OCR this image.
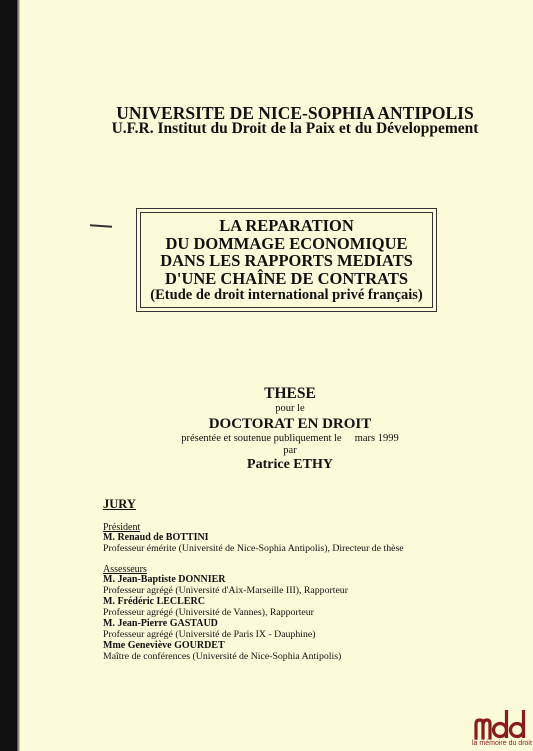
UNIVERSITE DE NICE-SOPHIA ANTIPOLIS
U.F.R. Institut du Droit de la Paix et du Développement
LA REPARATION
DU DOMMAGE ECONOMIQUE
DANS LES RAPPORTS MEDIATS
D'UNE CHAÎNE DE CONTRATS
(Etude de droit international privé français)
THESE
pour le
DOCTORAT EN DROIT
présentée et soutenue publiquement le     mars 1999
par
Patrice ETHY
JURY
Président
M. Renaud de BOTTINI
Professeur émérite (Université de Nice-Sophia Antipolis), Directeur de thèse
Assesseurs
M. Jean-Baptiste DONNIER
Professeur agrégé (Université d'Aix-Marseille III), Rapporteur
M. Frédéric LECLERC
Professeur agrégé (Université de Vannes), Rapporteur
M. Jean-Pierre GASTAUD
Professeur agrégé (Université de Paris IX - Dauphine)
Mme Geneviève GOURDET
Maître de conférences (Université de Nice-Sophia Antipolis)
la mémoire du droit
